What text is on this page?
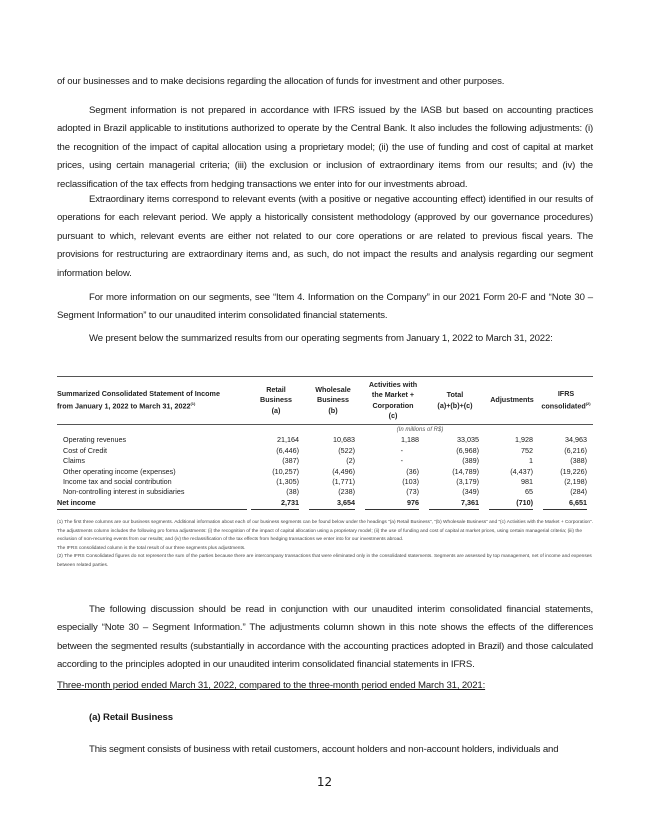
of our businesses and to make decisions regarding the allocation of funds for investment and other purposes.

Segment information is not prepared in accordance with IFRS issued by the IASB but based on accounting practices adopted in Brazil applicable to institutions authorized to operate by the Central Bank. It also includes the following adjustments: (i) the recognition of the impact of capital allocation using a proprietary model; (ii) the use of funding and cost of capital at market prices, using certain managerial criteria; (iii) the exclusion or inclusion of extraordinary items from our results; and (iv) the reclassification of the tax effects from hedging transactions we enter into for our investments abroad.

Extraordinary items correspond to relevant events (with a positive or negative accounting effect) identified in our results of operations for each relevant period. We apply a historically consistent methodology (approved by our governance procedures) pursuant to which, relevant events are either not related to our core operations or are related to previous fiscal years. The provisions for restructuring are extraordinary items and, as such, do not impact the results and analysis regarding our segment information below.

For more information on our segments, see “Item 4. Information on the Company” in our 2021 Form 20-F and “Note 30 – Segment Information” to our unaudited interim consolidated financial statements.

We present below the summarized results from our operating segments from January 1, 2022 to March 31, 2022:

Summarized Consolidated Statement of Income
from January 1, 2022 to March 31, 2022$^{(1)}$	Retail
Business
(a)	Wholesale
Business
(b)	Activities with
the Market +
Corporation
(c)	Total
(a)+(b)+(c)	Adjustments	IFRS
consolidated$^{(2)}$
	(In millions of R$)					
Operating revenues	21,164	10,683	1,188	33,035	1,928	34,963
Cost of Credit	(6,446)	(522)	-	(6,968)	752	(6,216)
Claims	(387)	(2)	-	(389)	1	(388)
Other operating income (expenses)	(10,257)	(4,496)	(36)	(14,789)	(4,437)	(19,226)
Income tax and social contribution	(1,305)	(1,771)	(103)	(3,179)	981	(2,198)
Non-controlling interest in subsidiaries	(38)	(238)	(73)	(349)	65	(284)

Net income	2,731	3,654	976	7,361	(710)	6,651

(1) The first three columns are our business segments. Additional information about each of our business segments can be found below under the headings “(a) Retail Business”, “(b) Wholesale Business” and “(c) Activities with the Market + Corporation”.

The adjustments column includes the following pro forma adjustments: (i) the recognition of the impact of capital allocation using a proprietary model; (ii) the use of funding and cost of capital at market prices, using certain managerial criteria; (iii) the exclusion of non-recurring events from our results; and (iv) the reclassification of the tax effects from hedging transactions we enter into for our investments abroad.

The IFRS consolidated column is the total result of our three segments plus adjustments.

(2) The IFRS Consolidated figures do not represent the sum of the parties because there are intercompany transactions that were eliminated only in the consolidated statements. Segments are assessed by top management, net of income and expenses between related parties.

The following discussion should be read in conjunction with our unaudited interim consolidated financial statements, especially “Note 30 – Segment Information.” The adjustments column shown in this note shows the effects of the differences between the segmented results (substantially in accordance with the accounting practices adopted in Brazil) and those calculated according to the principles adopted in our unaudited interim consolidated financial statements in IFRS.

Three-month period ended March 31, 2022, compared to the three-month period ended March 31, 2021:
(a) Retail Business

This segment consists of business with retail customers, account holders and non-account holders, individuals and

12
